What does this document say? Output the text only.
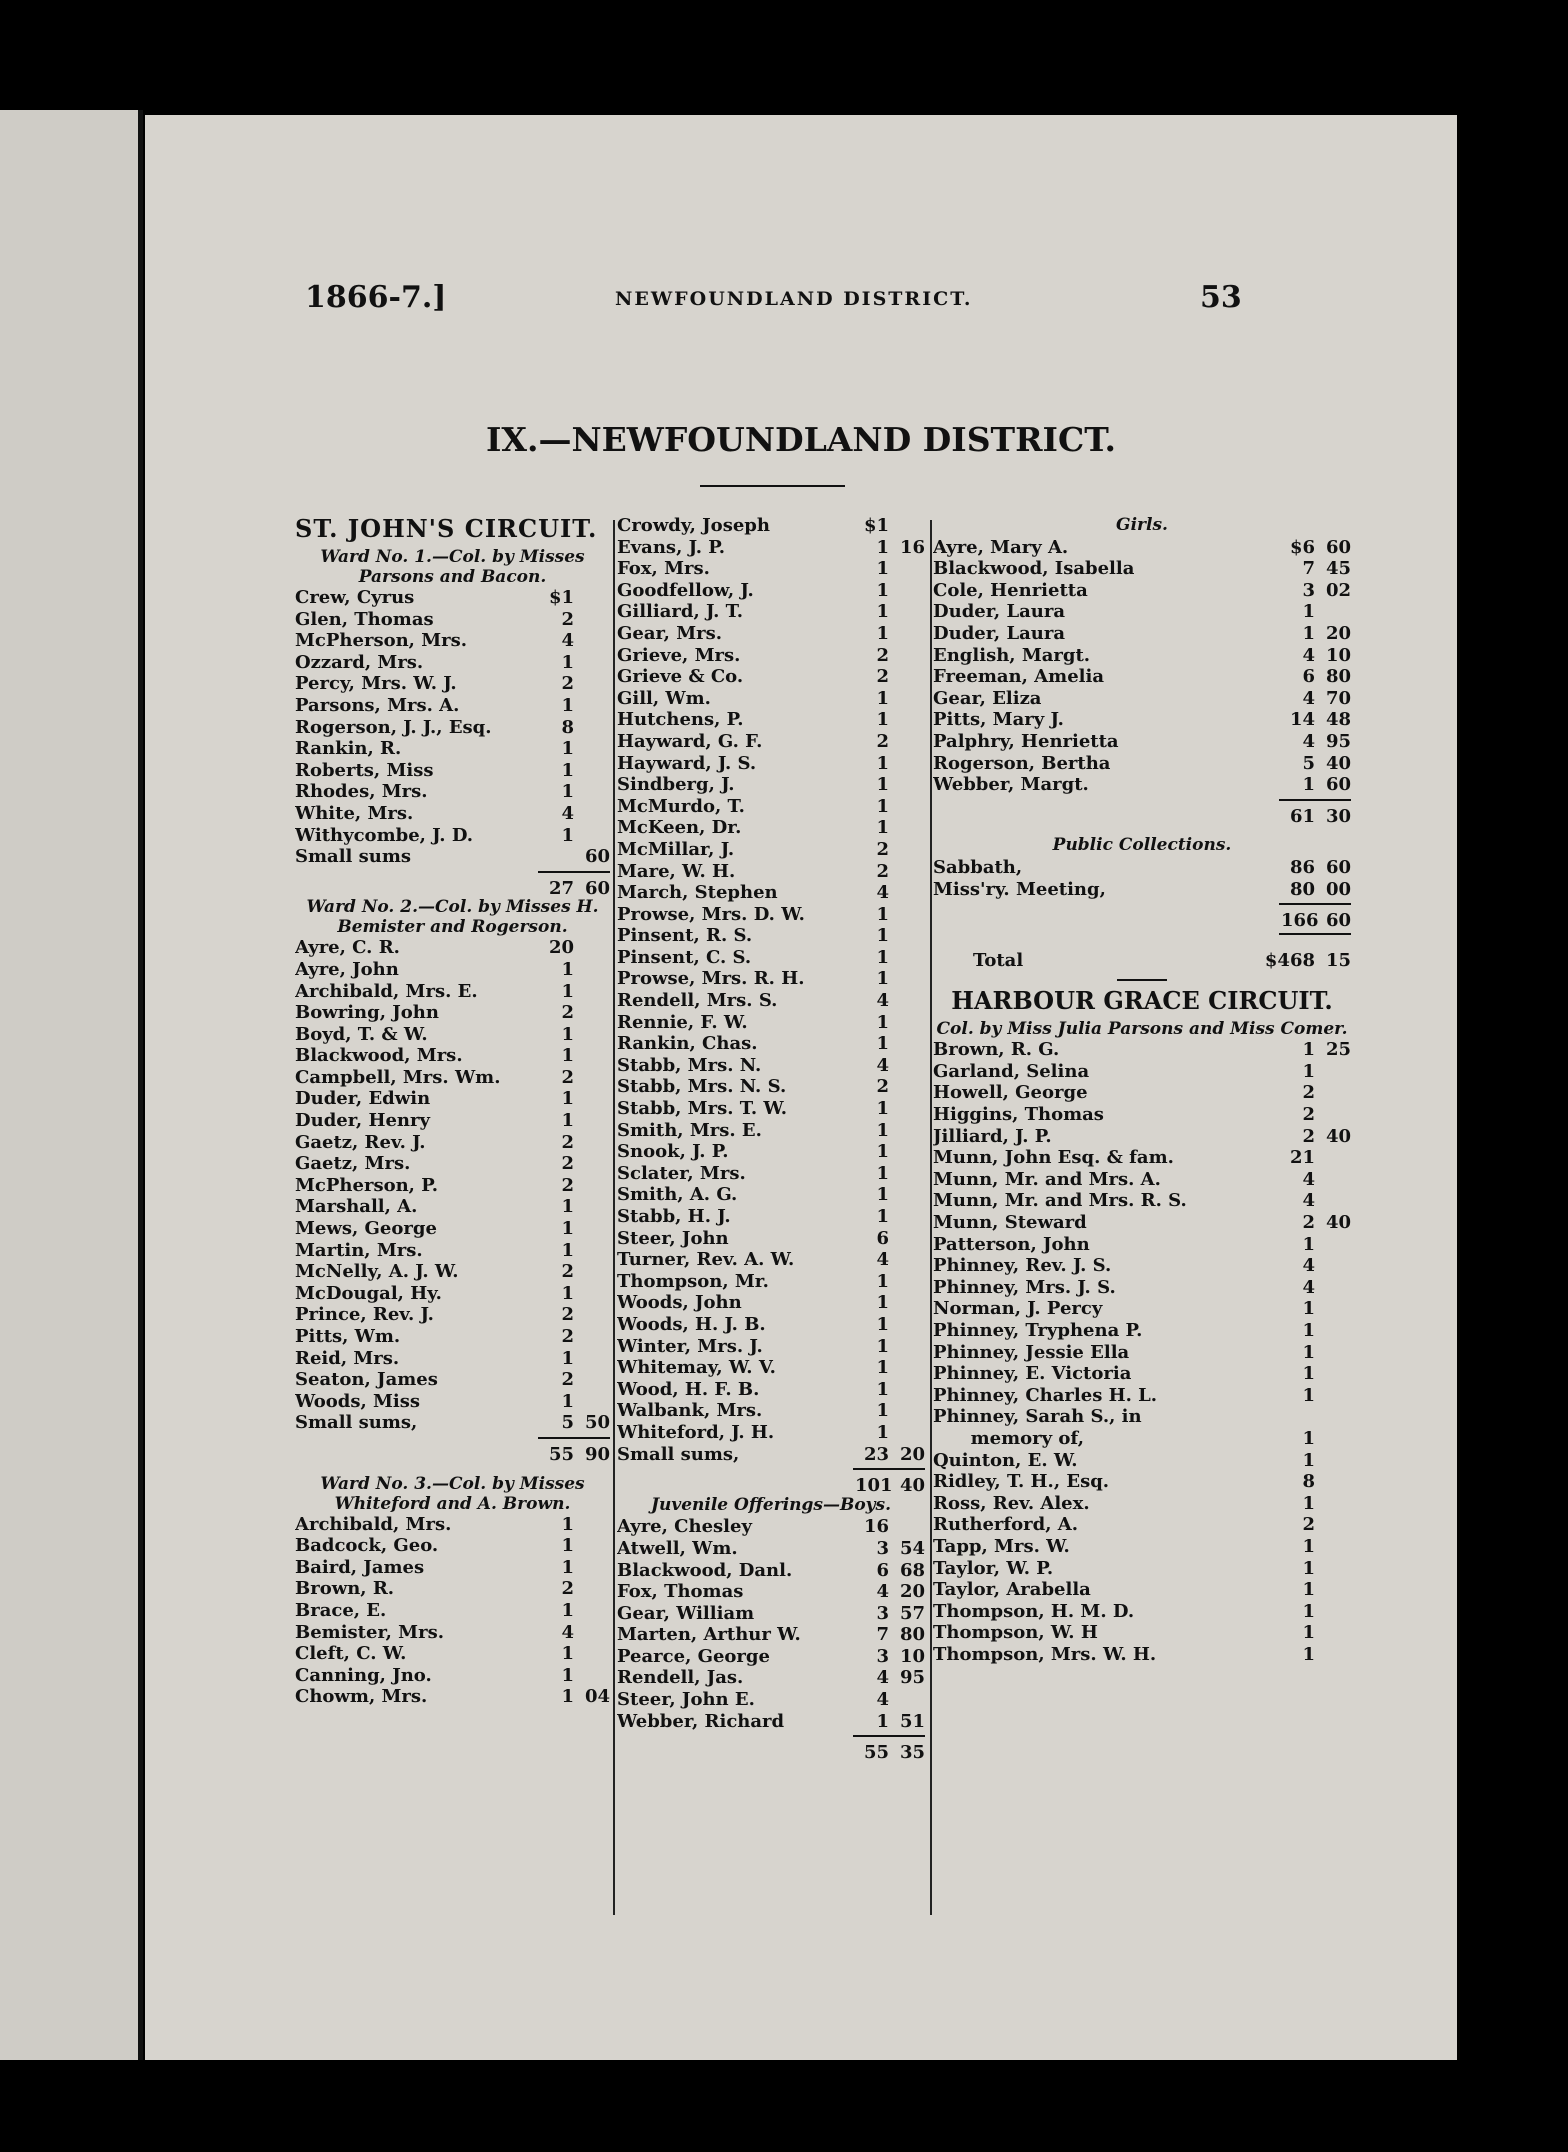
1866-7.]	NEWFOUNDLAND DISTRICT.	53
IX.—NEWFOUNDLAND DISTRICT.
ST. JOHN'S CIRCUIT.
Ward No. 1.—Col. by Misses Parsons and Bacon.
Crew, Cyrus	$1
Glen, Thomas	2
McPherson, Mrs.	4
Ozzard, Mrs.	1
Percy, Mrs. W. J.	2
Parsons, Mrs. A.	1
Rogerson, J. J., Esq.	8
Rankin, R.	1
Roberts, Miss	1
Rhodes, Mrs.	1
White, Mrs.	4
Withycombe, J. D.	1
Small sums	60
27 60
Ward No. 2.—Col. by Misses H. Bemister and Rogerson.
Ayre, C. R.	20
Ayre, John	1
Archibald, Mrs. E.	1
Bowring, John	2
Boyd, T. & W.	1
Blackwood, Mrs.	1
Campbell, Mrs. Wm.	2
Duder, Edwin	1
Duder, Henry	1
Gaetz, Rev. J.	2
Gaetz, Mrs.	2
McPherson, P.	2
Marshall, A.	1
Mews, George	1
Martin, Mrs.	1
McNelly, A. J. W.	2
McDougal, Hy.	1
Prince, Rev. J.	2
Pitts, Wm.	2
Reid, Mrs.	1
Seaton, James	2
Woods, Miss	1
Small sums,	5 50
55 90
Ward No. 3.—Col. by Misses Whiteford and A. Brown.
Archibald, Mrs.	1
Badcock, Geo.	1
Baird, James	1
Brown, R.	2
Brace, E.	1
Bemister, Mrs.	4
Cleft, C. W.	1
Canning, Jno.	1
Chowm, Mrs.	1 04
Crowdy, Joseph	$1
Evans, J. P.	1 16
Fox, Mrs.	1
Goodfellow, J.	1
Gilliard, J. T.	1
Gear, Mrs.	1
Grieve, Mrs.	2
Grieve & Co.	2
Gill, Wm.	1
Hutchens, P.	1
Hayward, G. F.	2
Hayward, J. S.	1
Sindberg, J.	1
McMurdo, T.	1
McKeen, Dr.	1
McMillar, J.	2
Mare, W. H.	2
March, Stephen	4
Prowse, Mrs. D. W.	1
Pinsent, R. S.	1
Pinsent, C. S.	1
Prowse, Mrs. R. H.	1
Rendell, Mrs. S.	4
Rennie, F. W.	1
Rankin, Chas.	1
Stabb, Mrs. N.	4
Stabb, Mrs. N. S.	2
Stabb, Mrs. T. W.	1
Smith, Mrs. E.	1
Snook, J. P.	1
Sclater, Mrs.	1
Smith, A. G.	1
Stabb, H. J.	1
Steer, John	6
Turner, Rev. A. W.	4
Thompson, Mr.	1
Woods, John	1
Woods, H. J. B.	1
Winter, Mrs. J.	1
Whitemay, W. V.	1
Wood, H. F. B.	1
Walbank, Mrs.	1
Whiteford, J. H.	1
Small sums,	23 20
101 40
Juvenile Offerings—Boys.
Ayre, Chesley	16
Atwell, Wm.	3 54
Blackwood, Danl.	6 68
Fox, Thomas	4 20
Gear, William	3 57
Marten, Arthur W.	7 80
Pearce, George	3 10
Rendell, Jas.	4 95
Steer, John E.	4
Webber, Richard	1 51
55 35
Girls.
Ayre, Mary A.	$6 60
Blackwood, Isabella	7 45
Cole, Henrietta	3 02
Duder, Laura	1
Duder, Laura	1 20
English, Margt.	4 10
Freeman, Amelia	6 80
Gear, Eliza	4 70
Pitts, Mary J.	14 48
Palphry, Henrietta	4 95
Rogerson, Bertha	5 40
Webber, Margt.	1 60
61 30
Public Collections.
Sabbath,	86 60
Miss'ry. Meeting,	80 00
166 60
Total	$468 15
HARBOUR GRACE CIRCUIT.
Col. by Miss Julia Parsons and Miss Comer.
Brown, R. G.	1 25
Garland, Selina	1
Howell, George	2
Higgins, Thomas	2
Jilliard, J. P.	2 40
Munn, John Esq. & fam.	21
Munn, Mr. and Mrs. A.	4
Munn, Mr. and Mrs. R. S.	4
Munn, Steward	2 40
Patterson, John	1
Phinney, Rev. J. S.	4
Phinney, Mrs. J. S.	4
Norman, J. Percy	1
Phinney, Tryphena P.	1
Phinney, Jessie Ella	1
Phinney, E. Victoria	1
Phinney, Charles H. L.	1
Phinney, Sarah S., in
memory of,	1
Quinton, E. W.	1
Ridley, T. H., Esq.	8
Ross, Rev. Alex.	1
Rutherford, A.	2
Tapp, Mrs. W.	1
Taylor, W. P.	1
Taylor, Arabella	1
Thompson, H. M. D.	1
Thompson, W. H	1
Thompson, Mrs. W. H.	1
